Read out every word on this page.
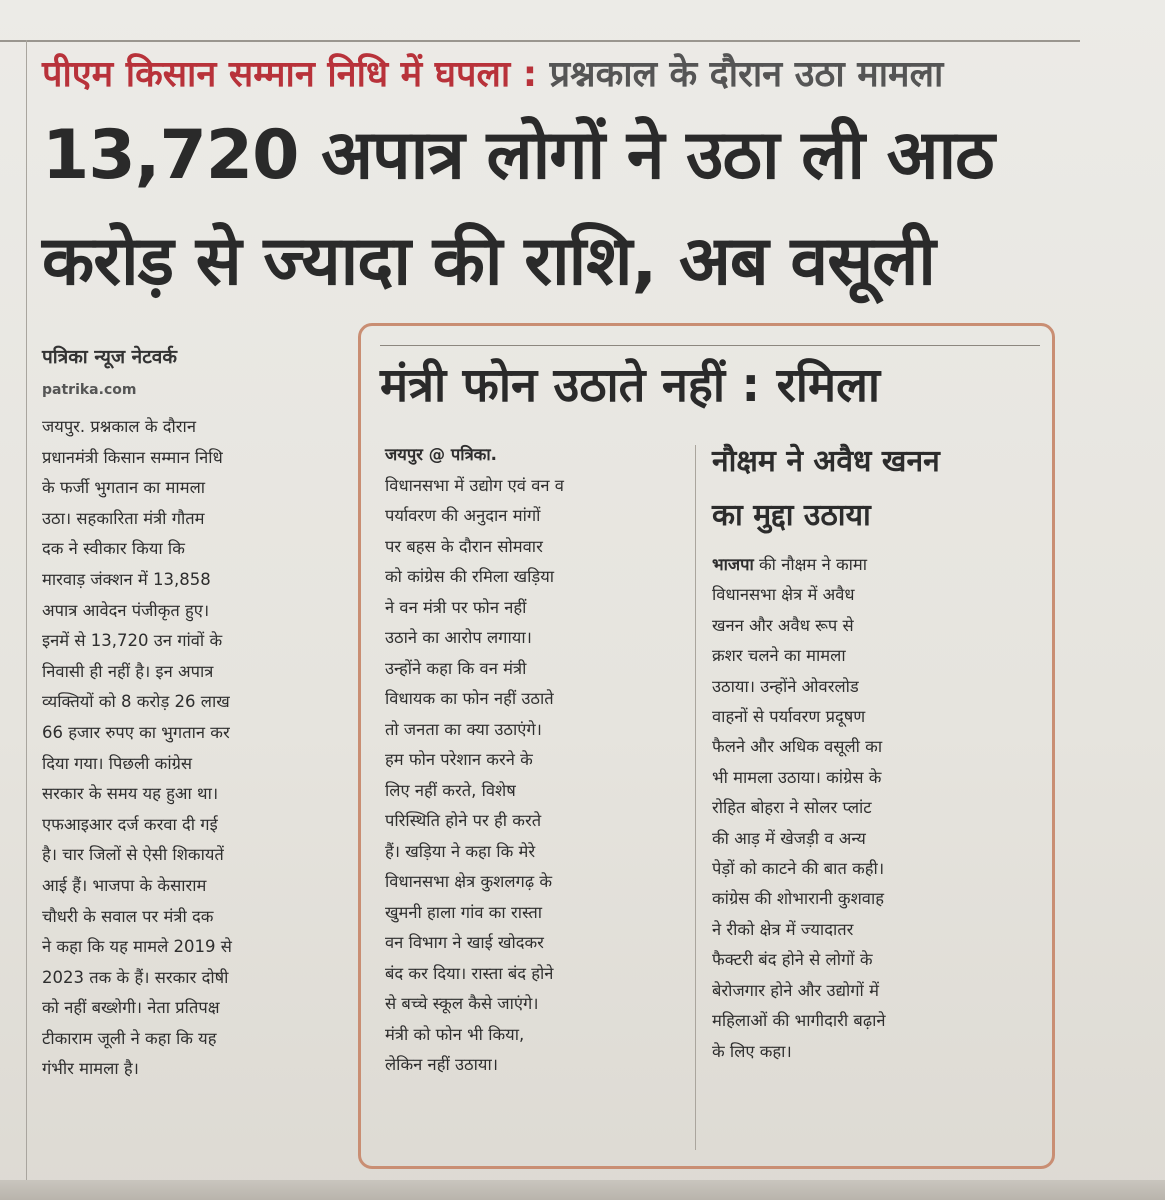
पीएम किसान सम्मान निधि में घपला : प्रश्नकाल के दौरान उठा मामला
13,720 अपात्र लोगों ने उठा ली आठ
करोड़ से ज्यादा की राशि, अब वसूली
पत्रिका न्यूज नेटवर्क
patrika.com

जयपुर. प्रश्नकाल के दौरान

प्रधानमंत्री किसान सम्मान निधि

के फर्जी भुगतान का मामला

उठा। सहकारिता मंत्री गौतम

दक ने स्वीकार किया कि

मारवाड़ जंक्शन में 13,858

अपात्र आवेदन पंजीकृत हुए।

इनमें से 13,720 उन गांवों के

निवासी ही नहीं है। इन अपात्र

व्यक्तियों को 8 करोड़ 26 लाख

66 हजार रुपए का भुगतान कर

दिया गया। पिछली कांग्रेस

सरकार के समय यह हुआ था।

एफआइआर दर्ज करवा दी गई

है। चार जिलों से ऐसी शिकायतें

आई हैं। भाजपा के केसाराम

चौधरी के सवाल पर मंत्री दक

ने कहा कि यह मामले 2019 से

2023 तक के हैं। सरकार दोषी

को नहीं बख्शेगी। नेता प्रतिपक्ष

टीकाराम जूली ने कहा कि यह

गंभीर मामला है।

मंत्री फोन उठाते नहीं : रमिला

जयपुर @ पत्रिका.

विधानसभा में उद्योग एवं वन व

पर्यावरण की अनुदान मांगों

पर बहस के दौरान सोमवार

को कांग्रेस की रमिला खड़िया

ने वन मंत्री पर फोन नहीं

उठाने का आरोप लगाया।

उन्होंने कहा कि वन मंत्री

विधायक का फोन नहीं उठाते

तो जनता का क्या उठाएंगे।

हम फोन परेशान करने के

लिए नहीं करते, विशेष

परिस्थिति होने पर ही करते

हैं। खड़िया ने कहा कि मेरे

विधानसभा क्षेत्र कुशलगढ़ के

खुमनी हाला गांव का रास्ता

वन विभाग ने खाई खोदकर

बंद कर दिया। रास्ता बंद होने

से बच्चे स्कूल कैसे जाएंगे।

मंत्री को फोन भी किया,

लेकिन नहीं उठाया।

नौक्षम ने अवैध खनन
का मुद्दा उठाया

भाजपा की नौक्षम ने कामा

विधानसभा क्षेत्र में अवैध

खनन और अवैध रूप से

क्रशर चलने का मामला

उठाया। उन्होंने ओवरलोड

वाहनों से पर्यावरण प्रदूषण

फैलने और अधिक वसूली का

भी मामला उठाया। कांग्रेस के

रोहित बोहरा ने सोलर प्लांट

की आड़ में खेजड़ी व अन्य

पेड़ों को काटने की बात कही।

कांग्रेस की शोभारानी कुशवाह

ने रीको क्षेत्र में ज्यादातर

फैक्टरी बंद होने से लोगों के

बेरोजगार होने और उद्योगों में

महिलाओं की भागीदारी बढ़ाने

के लिए कहा।
